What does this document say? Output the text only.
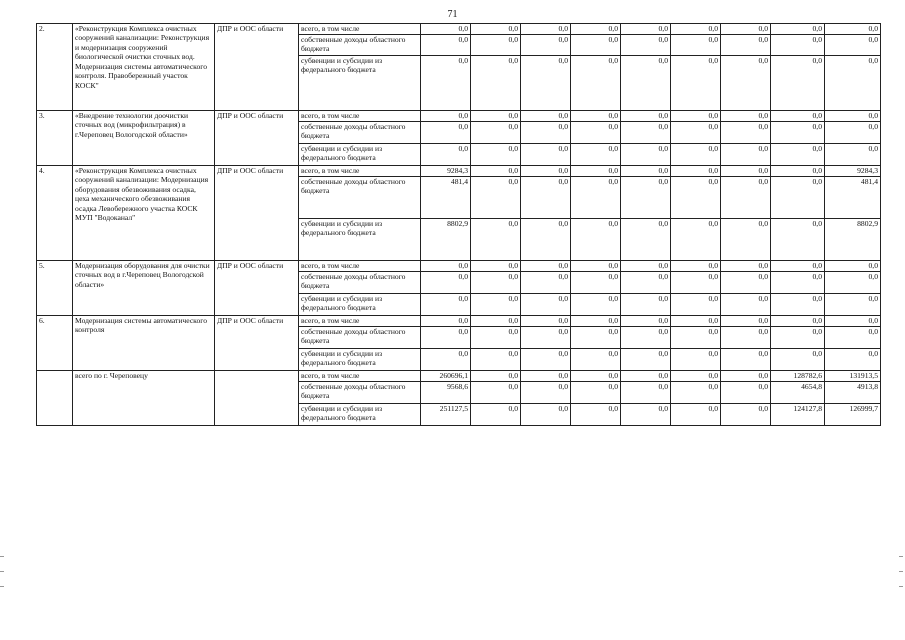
71
2.	«Реконструкция Комплекса очистных сооружений канализации: Реконструкция и модернизация сооружений биологической очистки сточных вод. Модернизация системы автоматического контроля. Правобережный участок КОСК"	ДПР и ООС области	всего, в том числе	0,0	0,0	0,0	0,0	0,0	0,0	0,0	0,0	0,0
			собственные доходы областного бюджета	0,0	0,0	0,0	0,0	0,0	0,0	0,0	0,0	0,0
			субвенции и субсидии из федерального бюджета	0,0	0,0	0,0	0,0	0,0	0,0	0,0	0,0	0,0
3.	«Внедрение технологии доочистки сточных вод (микрофильтрация) в г.Череповец Вологодской области»	ДПР и ООС области	всего, в том числе	0,0	0,0	0,0	0,0	0,0	0,0	0,0	0,0	0,0
			собственные доходы областного бюджета	0,0	0,0	0,0	0,0	0,0	0,0	0,0	0,0	0,0
			субвенции и субсидии из федерального бюджета	0,0	0,0	0,0	0,0	0,0	0,0	0,0	0,0	0,0
4.	«Реконструкция Комплекса очистных сооружений канализации: Модернизация оборудования обезвоживания осадка, цеха механического обезвоживания осадка Левобережного участка КОСК МУП "Водоканал"	ДПР и ООС области	всего, в том числе	9284,3	0,0	0,0	0,0	0,0	0,0	0,0	0,0	9284,3
			собственные доходы областного бюджета	481,4	0,0	0,0	0,0	0,0	0,0	0,0	0,0	481,4
			субвенции и субсидии из федерального бюджета	8802,9	0,0	0,0	0,0	0,0	0,0	0,0	0,0	8802,9
5.	Модернизация оборудования для очистки сточных вод в г.Череповец Вологодской области»	ДПР и ООС области	всего, в том числе	0,0	0,0	0,0	0,0	0,0	0,0	0,0	0,0	0,0
			собственные доходы областного бюджета	0,0	0,0	0,0	0,0	0,0	0,0	0,0	0,0	0,0
			субвенции и субсидии из федерального бюджета	0,0	0,0	0,0	0,0	0,0	0,0	0,0	0,0	0,0
6.	Модернизация системы автоматического контроля	ДПР и ООС области	всего, в том числе	0,0	0,0	0,0	0,0	0,0	0,0	0,0	0,0	0,0
			собственные доходы областного бюджета	0,0	0,0	0,0	0,0	0,0	0,0	0,0	0,0	0,0
			субвенции и субсидии из федерального бюджета	0,0	0,0	0,0	0,0	0,0	0,0	0,0	0,0	0,0
	всего по г. Череповецу		всего, в том числе	260696,1	0,0	0,0	0,0	0,0	0,0	0,0	128782,6	131913,5
			собственные доходы областного бюджета	9568,6	0,0	0,0	0,0	0,0	0,0	0,0	4654,8	4913,8
			субвенции и субсидии из федерального бюджета	251127,5	0,0	0,0	0,0	0,0	0,0	0,0	124127,8	126999,7
